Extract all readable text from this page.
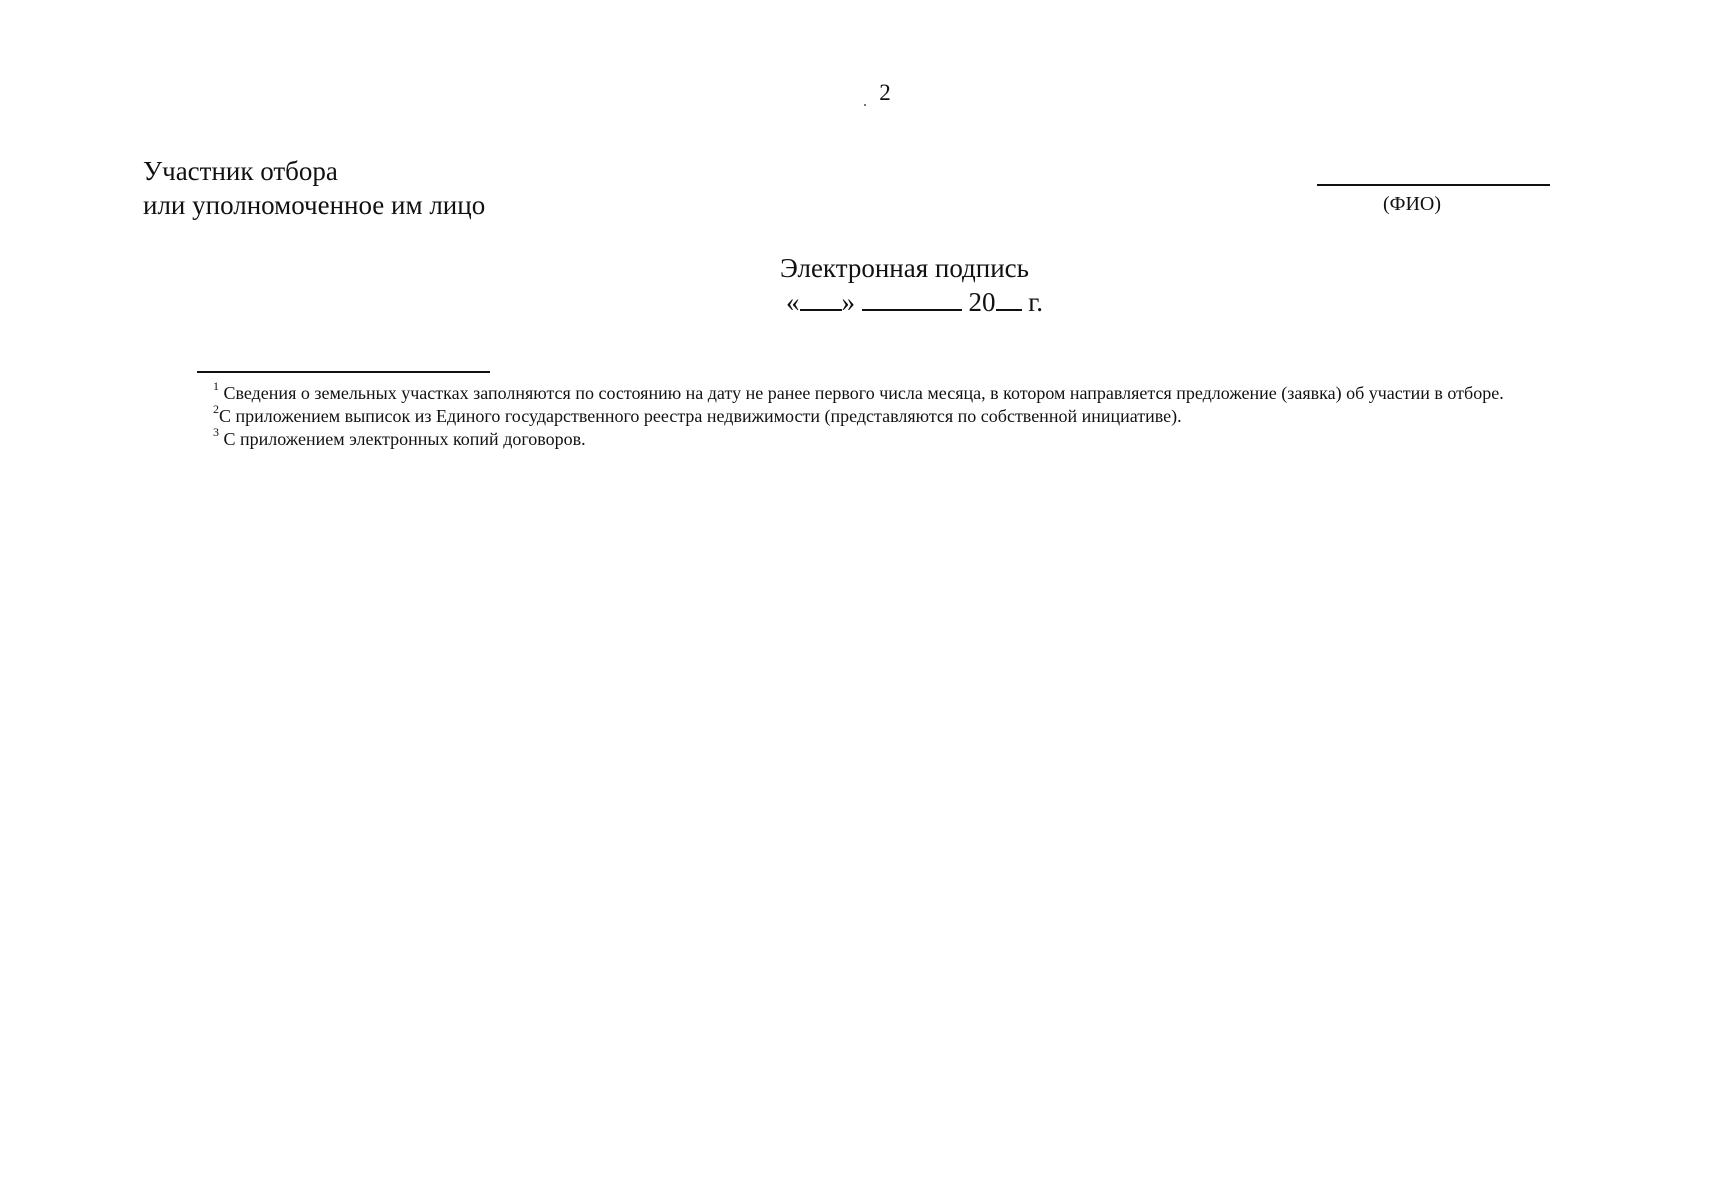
2
Участник отбора
или уполномоченное им лицо	(ФИО)
Электронная подпись
« »	20 г.
$^1$ Сведения о земельных участках заполняются по состоянию на дату не ранее первого числа месяца, в котором направляется предложение (заявка) об участии в отборе.
$^2$С приложением выписок из Единого государственного реестра недвижимости (представляются по собственной инициативе).
$^3$ С приложением электронных копий договоров.
